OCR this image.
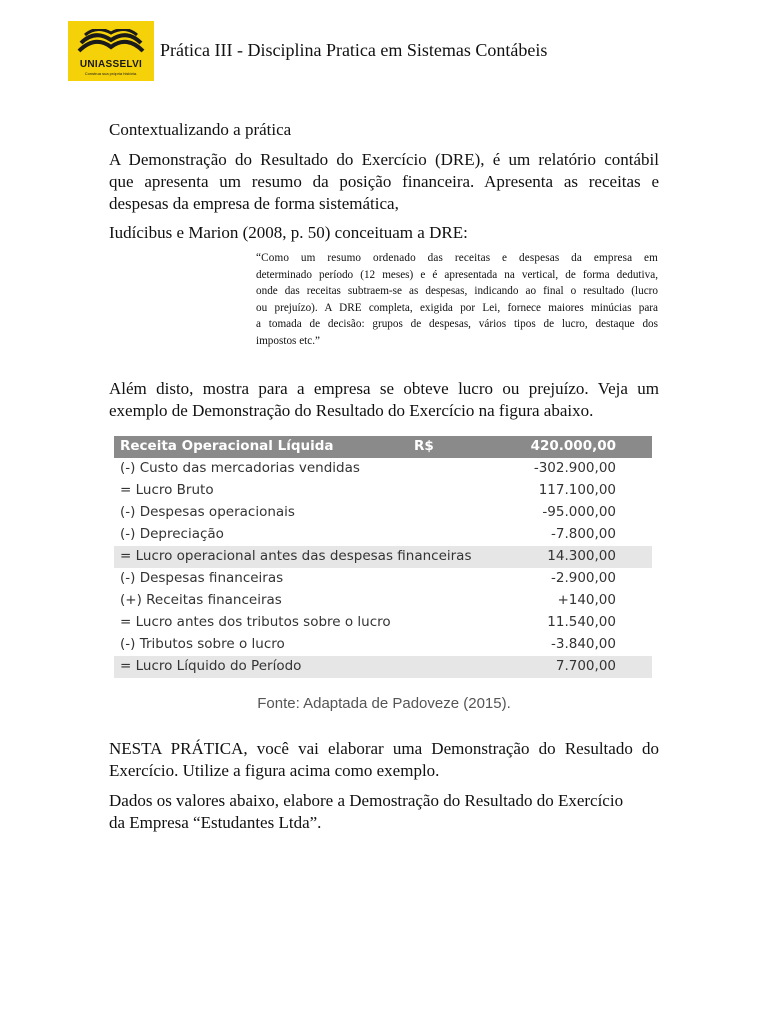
UNIASSELVI
Construa sua própria história.
Prática III - Disciplina Pratica em Sistemas Contábeis
Contextualizando a prática
A Demonstração do Resultado do Exercício (DRE), é um relatório contábil
que apresenta um resumo da posição financeira. Apresenta as receitas e
despesas da empresa de forma sistemática,
Iudícibus e Marion (2008, p. 50) conceituam a DRE:
“Como um resumo ordenado das receitas e despesas da empresa em
determinado período (12 meses) e é apresentada na vertical, de forma dedutiva,
onde das receitas subtraem-se as despesas, indicando ao final o resultado (lucro
ou prejuízo). A DRE completa, exigida por Lei, fornece maiores minúcias para
a tomada de decisão: grupos de despesas, vários tipos de lucro, destaque dos
impostos etc.”
Além disto, mostra para a empresa se obteve lucro ou prejuízo. Veja um
exemplo de Demonstração do Resultado do Exercício na figura abaixo.
Receita Operacional Líquida	R$	420.000,00
(-) Custo das mercadorias vendidas	-302.900,00
= Lucro Bruto	117.100,00
(-) Despesas operacionais	-95.000,00
(-) Depreciação	-7.800,00
= Lucro operacional antes das despesas financeiras	14.300,00
(-) Despesas financeiras	-2.900,00
(+) Receitas financeiras	+140,00
= Lucro antes dos tributos sobre o lucro	11.540,00
(-) Tributos sobre o lucro	-3.840,00
= Lucro Líquido do Período	7.700,00
Fonte: Adaptada de Padoveze (2015).
NESTA PRÁTICA, você vai elaborar uma Demonstração do Resultado do
Exercício. Utilize a figura acima como exemplo.
Dados os valores abaixo, elabore a Demostração do Resultado do Exercício
da Empresa “Estudantes Ltda”.
